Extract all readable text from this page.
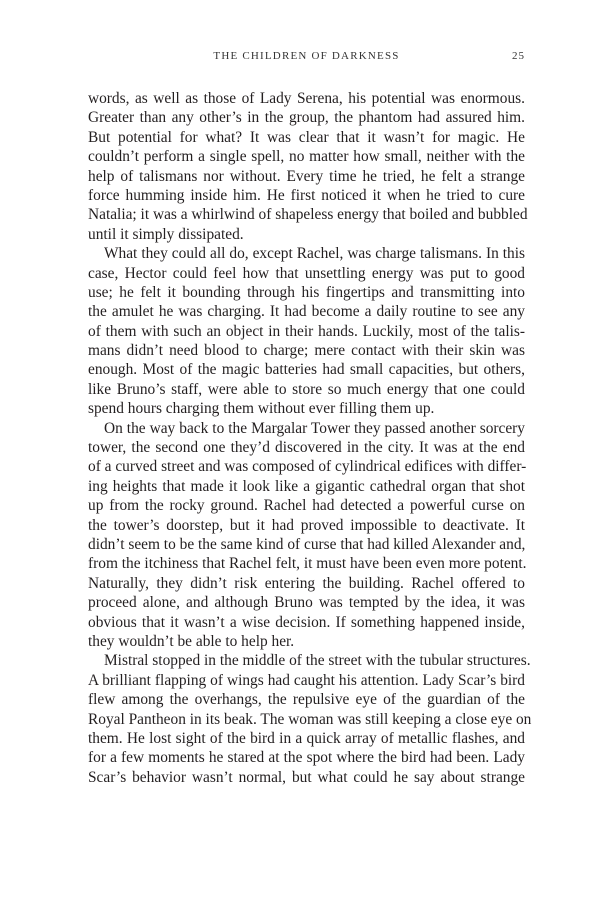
THE CHILDREN OF DARKNESS	25
words, as well as those of Lady Serena, his potential was enormous.
Greater than any other’s in the group, the phantom had assured him.
But potential for what? It was clear that it wasn’t for magic. He
couldn’t perform a single spell, no matter how small, neither with the
help of talismans nor without. Every time he tried, he felt a strange
force humming inside him. He first noticed it when he tried to cure
Natalia; it was a whirlwind of shapeless energy that boiled and bubbled
until it simply dissipated.
What they could all do, except Rachel, was charge talismans. In this
case, Hector could feel how that unsettling energy was put to good
use; he felt it bounding through his fingertips and transmitting into
the amulet he was charging. It had become a daily routine to see any
of them with such an object in their hands. Luckily, most of the talis-
mans didn’t need blood to charge; mere contact with their skin was
enough. Most of the magic batteries had small capacities, but others,
like Bruno’s staff, were able to store so much energy that one could
spend hours charging them without ever filling them up.
On the way back to the Margalar Tower they passed another sorcery
tower, the second one they’d discovered in the city. It was at the end
of a curved street and was composed of cylindrical edifices with differ-
ing heights that made it look like a gigantic cathedral organ that shot
up from the rocky ground. Rachel had detected a powerful curse on
the tower’s doorstep, but it had proved impossible to deactivate. It
didn’t seem to be the same kind of curse that had killed Alexander and,
from the itchiness that Rachel felt, it must have been even more potent.
Naturally, they didn’t risk entering the building. Rachel offered to
proceed alone, and although Bruno was tempted by the idea, it was
obvious that it wasn’t a wise decision. If something happened inside,
they wouldn’t be able to help her.
Mistral stopped in the middle of the street with the tubular structures.
A brilliant flapping of wings had caught his attention. Lady Scar’s bird
flew among the overhangs, the repulsive eye of the guardian of the
Royal Pantheon in its beak. The woman was still keeping a close eye on
them. He lost sight of the bird in a quick array of metallic flashes, and
for a few moments he stared at the spot where the bird had been. Lady
Scar’s behavior wasn’t normal, but what could he say about strange
